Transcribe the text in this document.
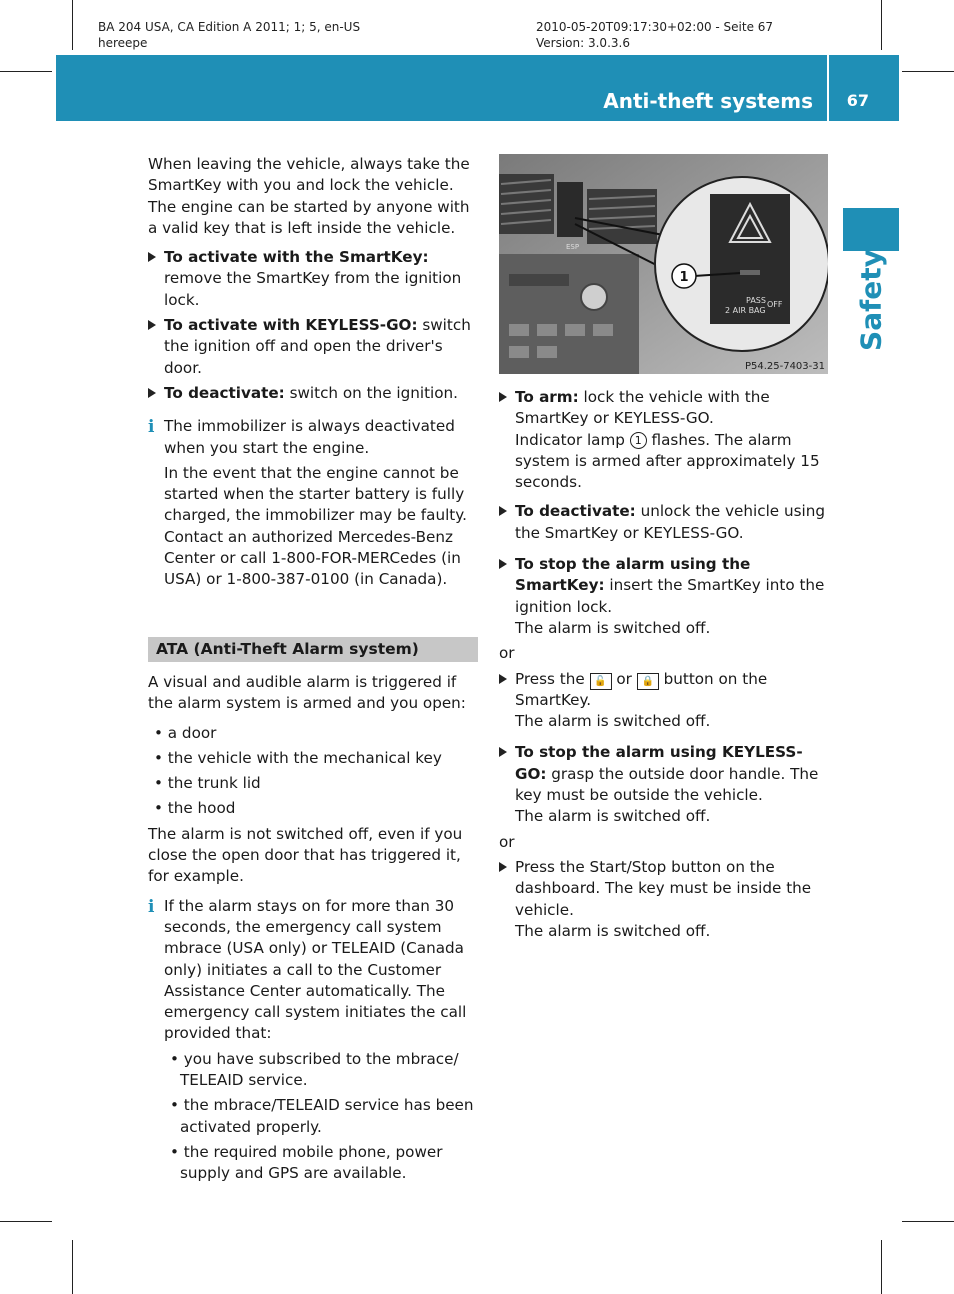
BA 204 USA, CA Edition A 2011; 1; 5, en-US
hereepe
2010-05-20T09:17:30+02:00 - Seite 67
Version: 3.0.3.6
Anti-theft systems 67
Safety

When leaving the vehicle, always take the SmartKey with you and lock the vehicle. The engine can be started by anyone with a valid key that is left inside the vehicle.

To activate with the SmartKey: remove the SmartKey from the ignition lock.
To activate with KEYLESS-GO: switch the ignition off and open the driver's door.
To deactivate: switch on the ignition.
i The immobilizer is always deactivated when you start the engine.

In the event that the engine cannot be started when the starter battery is fully charged, the immobilizer may be faulty. Contact an authorized Mercedes-Benz Center or call 1-800-FOR-MERCedes (in USA) or 1-800-387-0100 (in Canada).

ATA (Anti-Theft Alarm system)

A visual and audible alarm is triggered if the alarm system is armed and you open:

• a door
• the vehicle with the mechanical key
• the trunk lid
• the hood

The alarm is not switched off, even if you close the open door that has triggered it, for example.

i If the alarm stays on for more than 30 seconds, the emergency call system mbrace (USA only) or TELEAID (Canada only) initiates a call to the Customer Assistance Center automatically. The emergency call system initiates the call provided that:

• you have subscribed to the mbrace/ TELEAID service.
• the mbrace/TELEAID service has been activated properly.
• the required mobile phone, power supply and GPS are available.
1
PASS
2 AIR BAG
OFF
ESP
P54.25-7403-31
To arm: lock the vehicle with the SmartKey or KEYLESS-GO.
Indicator lamp 1 flashes. The alarm system is armed after approximately 15 seconds.
To deactivate: unlock the vehicle using the SmartKey or KEYLESS-GO.
To stop the alarm using the SmartKey: insert the SmartKey into the ignition lock.
The alarm is switched off.

or

Press the 🔓 or 🔒 button on the SmartKey.
The alarm is switched off.
To stop the alarm using KEYLESS-GO: grasp the outside door handle. The key must be outside the vehicle.
The alarm is switched off.

or

Press the Start/Stop button on the dashboard. The key must be inside the vehicle.
The alarm is switched off.
